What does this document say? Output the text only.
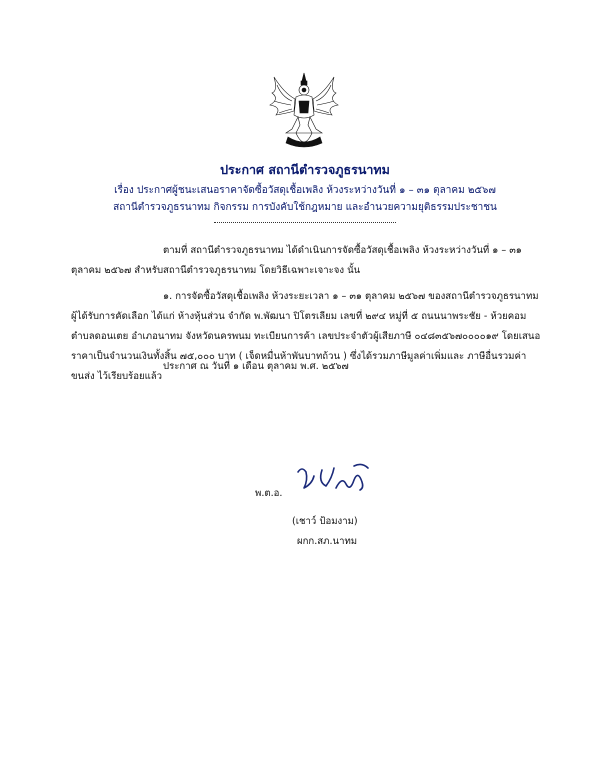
ประกาศ สถานีตำรวจภูธรนาทม
เรื่อง ประกาศผู้ชนะเสนอราคาจัดซื้อวัสดุเชื้อเพลิง ห้วงระหว่างวันที่ ๑ – ๓๑ ตุลาคม ๒๕๖๗
สถานีตำรวจภูธรนาทม กิจกรรม การบังคับใช้กฎหมาย และอำนวยความยุติธรรมประชาชน
ตามที่ สถานีตำรวจภูธรนาทม ได้ดำเนินการจัดซื้อวัสดุเชื้อเพลิง ห้วงระหว่างวันที่ ๑ – ๓๑ ตุลาคม ๒๕๖๗ สำหรับสถานีตำรวจภูธรนาทม โดยวิธีเฉพาะเจาะจง นั้น
๑. การจัดซื้อวัสดุเชื้อเพลิง ห้วงระยะเวลา ๑ – ๓๑ ตุลาคม ๒๕๖๗ ของสถานีตำรวจภูธรนาทม ผู้ได้รับการคัดเลือก ได้แก่ ห้างหุ้นส่วน จำกัด พ.พัฒนา ปิโตรเลียม เลขที่ ๒๙๔ หมู่ที่ ๕ ถนนนาพระชัย - ห้วยคอม ตำบลดอนเตย อำเภอนาทม จังหวัดนครพนม ทะเบียนการค้า เลขประจำตัวผู้เสียภาษี ๐๔๘๓๕๖๗๐๐๐๐๑๙ โดยเสนอ ราคาเป็นจำนวนเงินทั้งสิ้น ๗๕,๐๐๐ บาท ( เจ็ดหมื่นห้าพันบาทถ้วน ) ซึ่งได้รวมภาษีมูลค่าเพิ่มและ ภาษีอื่นรวมค่าขนส่ง ไว้เรียบร้อยแล้ว
ประกาศ ณ วันที่ ๑ เดือน ตุลาคม พ.ศ. ๒๕๖๗
พ.ต.อ.
(เชาว์ ป้อมงาม)
ผกก.สภ.นาทม
